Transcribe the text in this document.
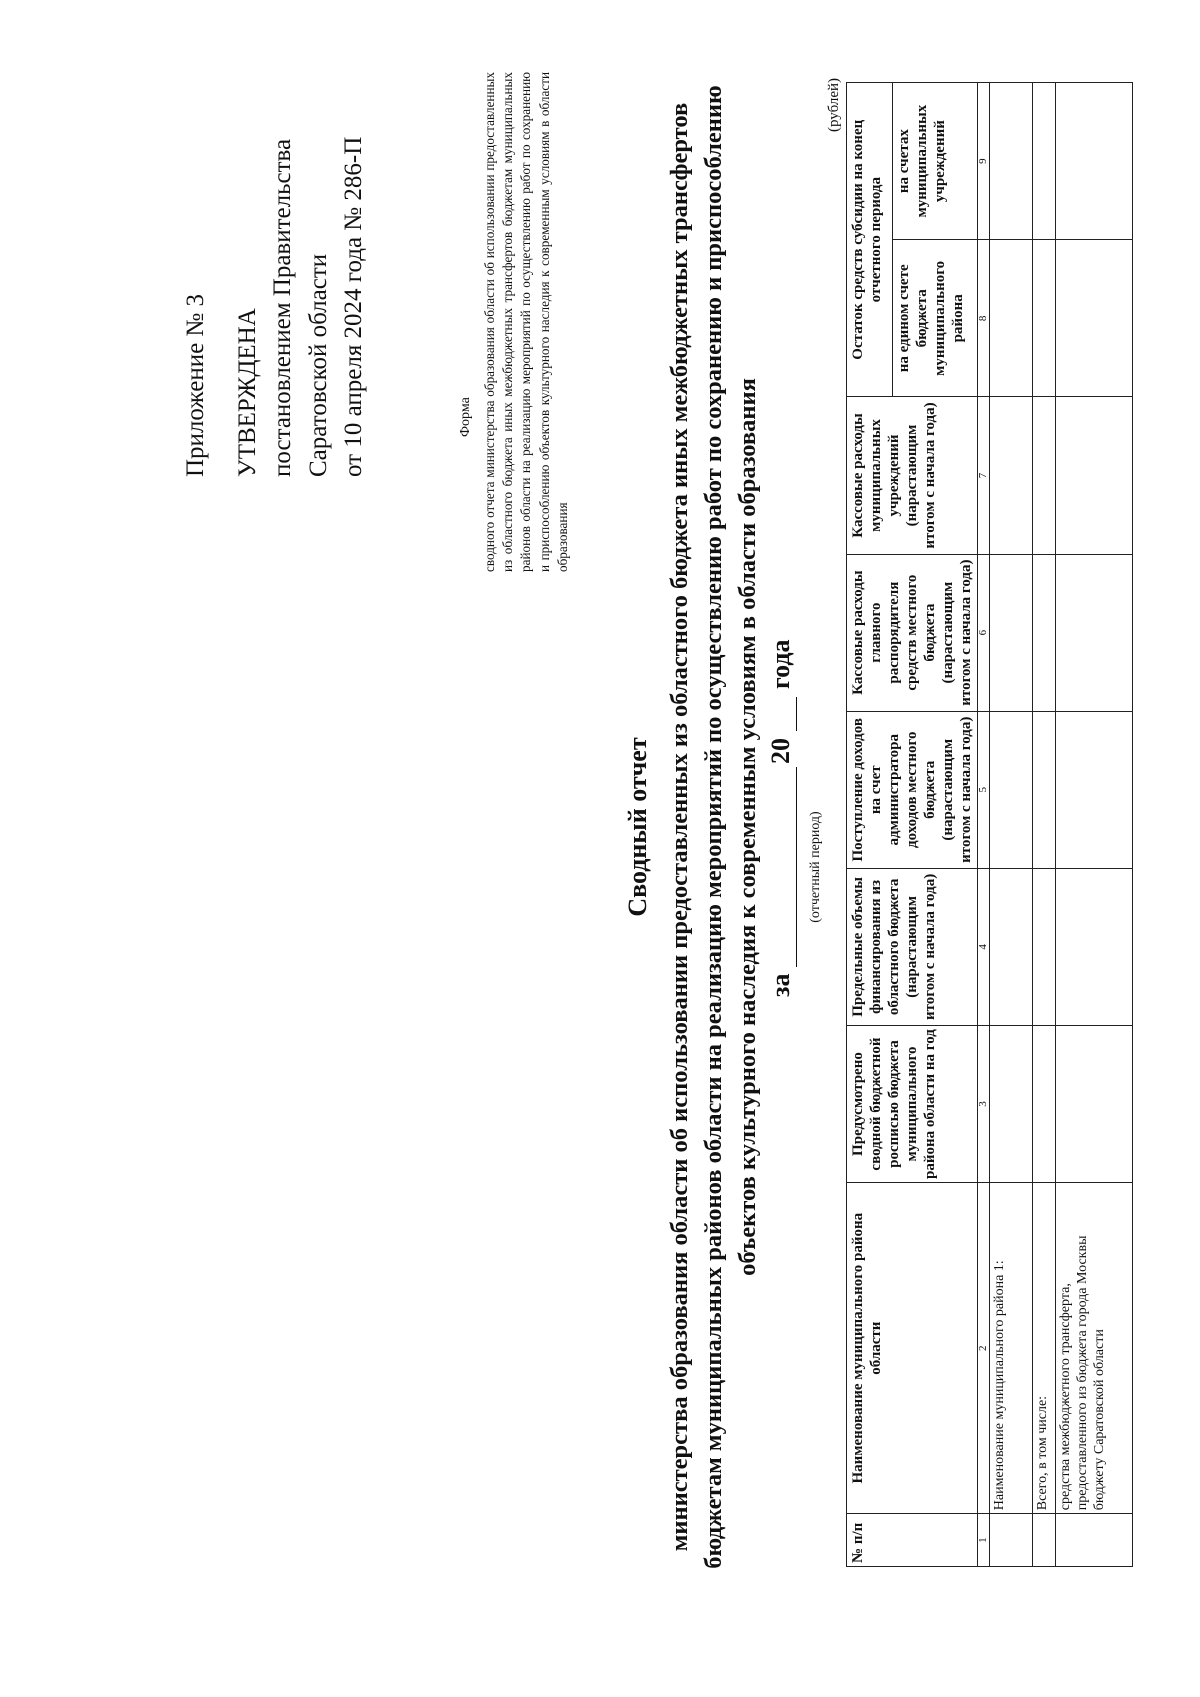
Приложение № 3 УТВЕРЖДЕНА постановлением Правительства Саратовской области от 10 апреля 2024 года № 286-П	Форма сводного отчета министерства образования области об использовании предоставленных из областного бюджета иных межбюджетных трансфертов бюджетам муниципальных районов области на реализацию мероприятий по осуществлению работ по сохранению и приспособлению объектов культурного наследия к современным условиям в области образования
Сводный отчет министерства образования области об использовании предоставленных из областного бюджета иных межбюджетных трансфертов бюджетам муниципальных районов области на реализацию мероприятий по осуществлению работ по сохранению и приспособлению объектов культурного наследия к современным условиям в области образования за
20
года
(отчетный период)
(рублей)
№ п/п	Наименование муниципального района области	Предусмотрено сводной бюджетной росписью бюджета муниципального района области на год	Предельные объемы финансирования из областного бюджета (нарастающим итогом с начала года)	Поступление доходов на счет администратора доходов местного бюджета (нарастающим итогом с начала года)	Кассовые расходы главного распорядителя средств местного бюджета (нарастающим итогом с начала года)	Кассовые расходы муниципальных учреждений (нарастающим итогом с начала года)	Остаток средств субсидии на конец отчетного периода	
							на едином счете бюджета муниципального района	на счетах муниципальных учреждений
1	2	3	4	5	6	7	8	9
	Наименование муниципального района 1:							
	Всего, в том числе:							
	средства межбюджетного трансферта, предоставленного из бюджета города Москвы бюджету Саратовской области							
